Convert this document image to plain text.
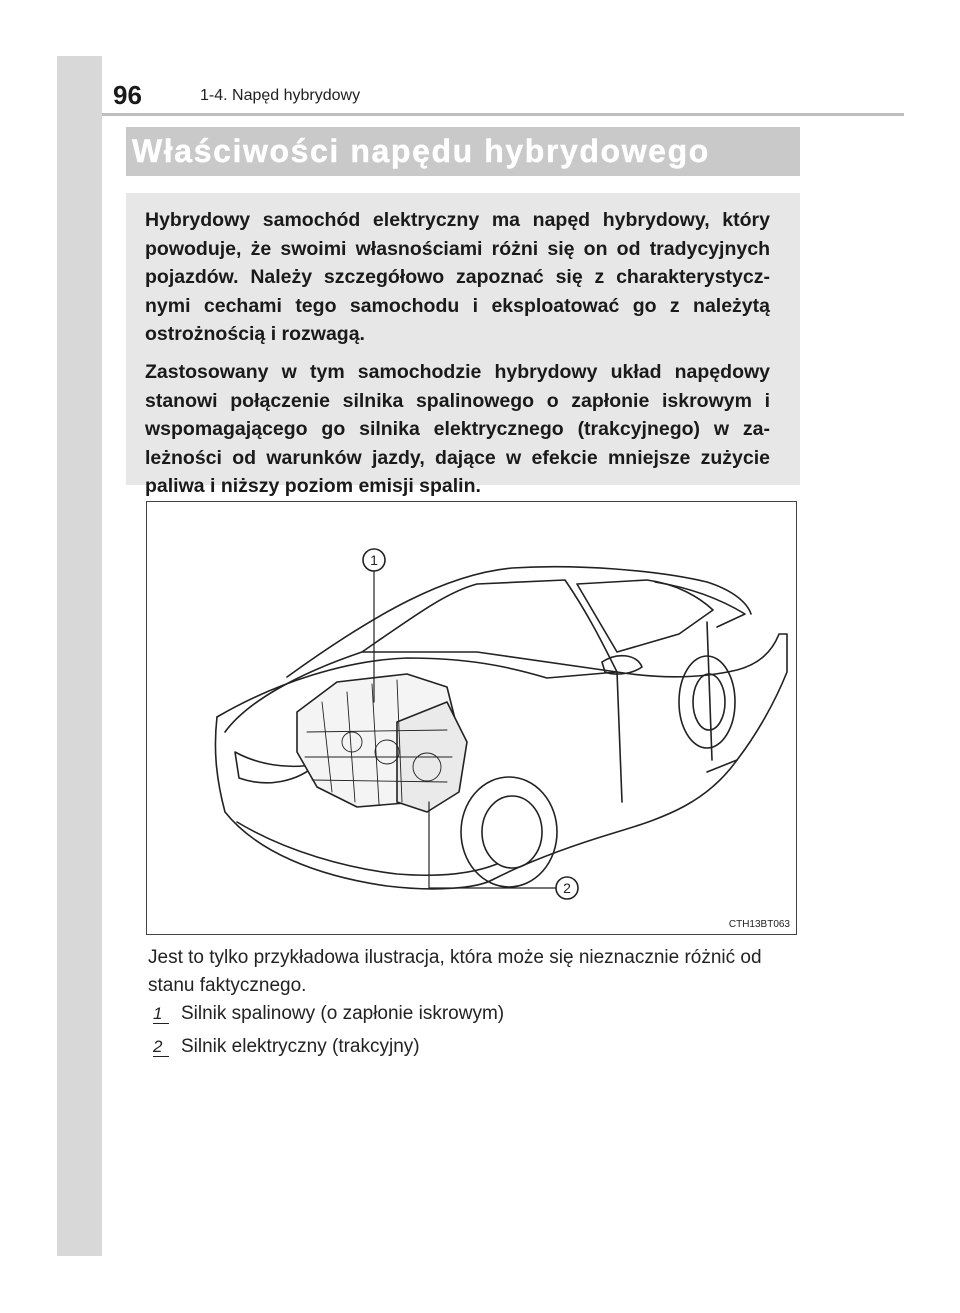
96	1-4. Napęd hybrydowy
Właściwości napędu hybrydowego

Hybrydowy samochód elektryczny ma napęd hybrydowy, który powoduje, że swoimi własnościami różni się on od tradycyjnych pojazdów. Należy szczegółowo zapoznać się z charakterystycz-nymi cechami tego samochodu i eksploatować go z należytą ostrożnością i rozwagą.

Zastosowany w tym samochodzie hybrydowy układ napędowy stanowi połączenie silnika spalinowego o zapłonie iskrowym i wspomagającego go silnika elektrycznego (trakcyjnego) w za-leżności od warunków jazdy, dające w efekcie mniejsze zużycie paliwa i niższy poziom emisji spalin.

1
2
CTH13BT063
Jest to tylko przykładowa ilustracja, która może się nieznacznie różnić od stanu faktycznego.
1 Silnik spalinowy (o zapłonie iskrowym)
2 Silnik elektryczny (trakcyjny)
